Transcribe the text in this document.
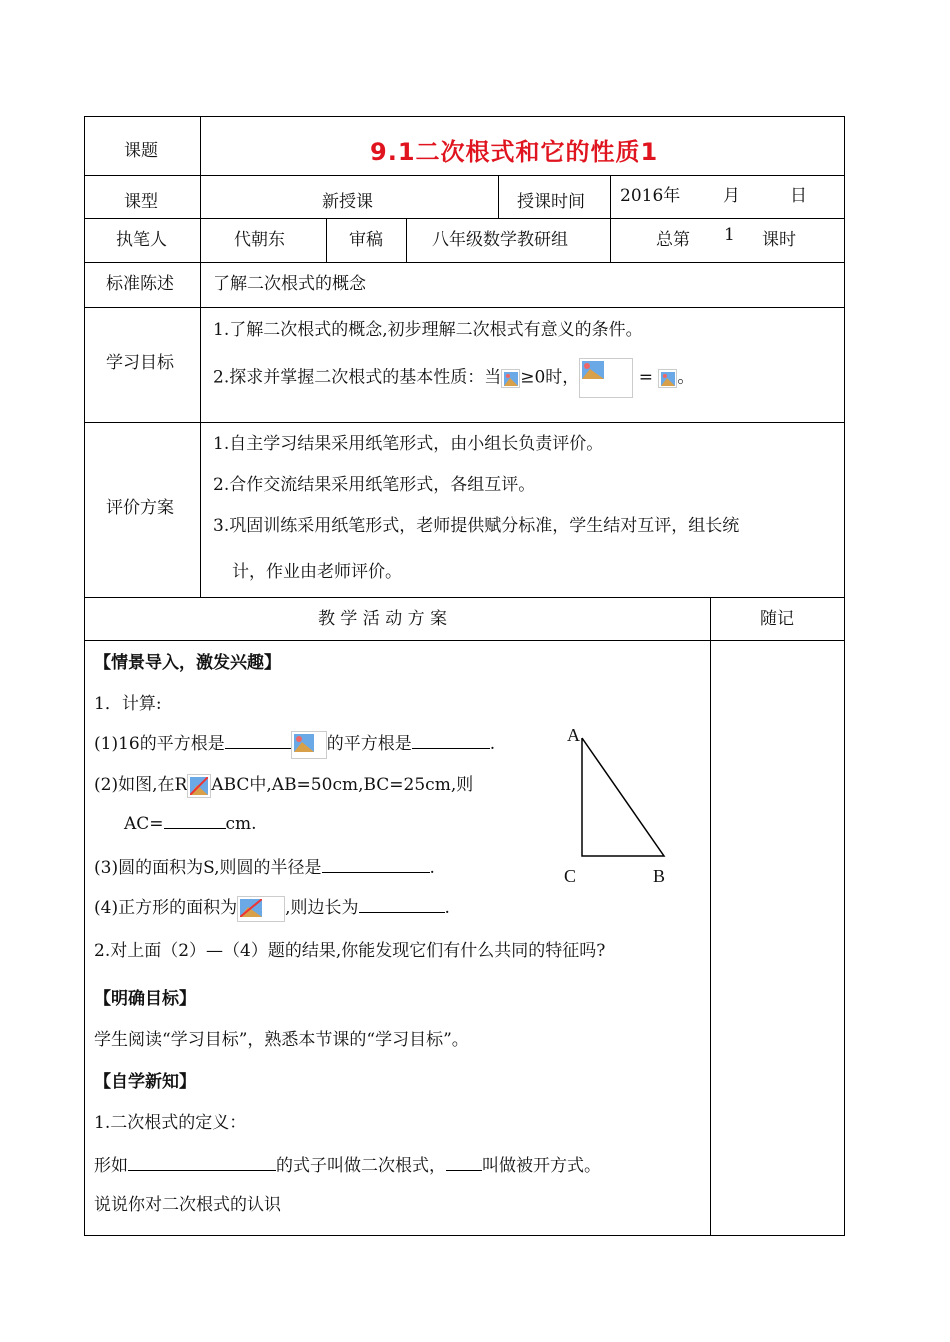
课题	9.1二次根式和它的性质1
课型	新授课	授课时间 2016年	月	日
执笔人	代朝东	审稿	八年级数学教研组	总第 1 课时
标准陈述 了解二次根式的概念
学习目标
1.了解二次根式的概念,初步理解二次根式有意义的条件。
2.探求并掌握二次根式的基本性质：当 ≥0时，	= 。
评价方案
1.自主学习结果采用纸笔形式，由小组长负责评价。
2.合作交流结果采用纸笔形式，各组互评。
3.巩固训练采用纸笔形式，老师提供赋分标准，学生结对互评，组长统
计，作业由老师评价。
教 学 活 动 方 案	随记
【情景导入，激发兴趣】
1．计算:
(1)16的平方根是	的平方根是	.
(2)如图,在R ABC中,AB=50cm,BC=25cm,则
AC=	cm.
(3)圆的面积为S,则圆的半径是	.
(4)正方形的面积为	,则边长为	.
A
C	B
2.对上面（2）—（4）题的结果,你能发现它们有什么共同的特征吗?
【明确目标】
学生阅读“学习目标”，熟悉本节课的“学习目标”。
【自学新知】
1.二次根式的定义：
形如	的式子叫做二次根式， 叫做被开方式。
说说你对二次根式的认识
